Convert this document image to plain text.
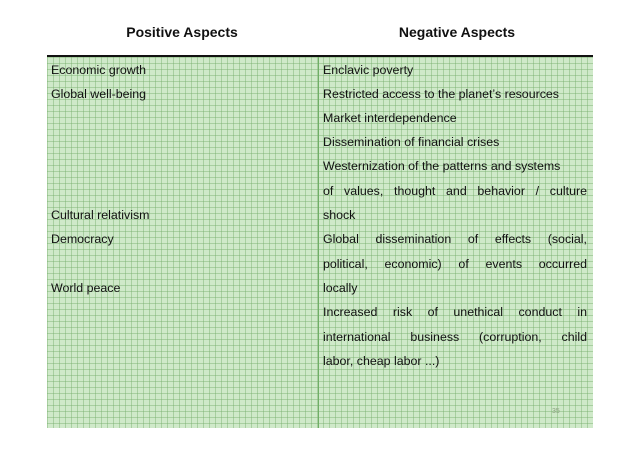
Positive Aspects	Negative Aspects
Economic growth
Global well-being
Cultural relativism
Democracy
World peace
Enclavic poverty
Restricted access to the planet’s resources
Market interdependence
Dissemination of financial crises
Westernization of the patterns and systems
of values, thought and behavior / culture
shock
Global dissemination of effects (social,
political, economic) of events occurred
locally
Increased risk of unethical conduct in
international business (corruption, child
labor, cheap labor ...)
35
